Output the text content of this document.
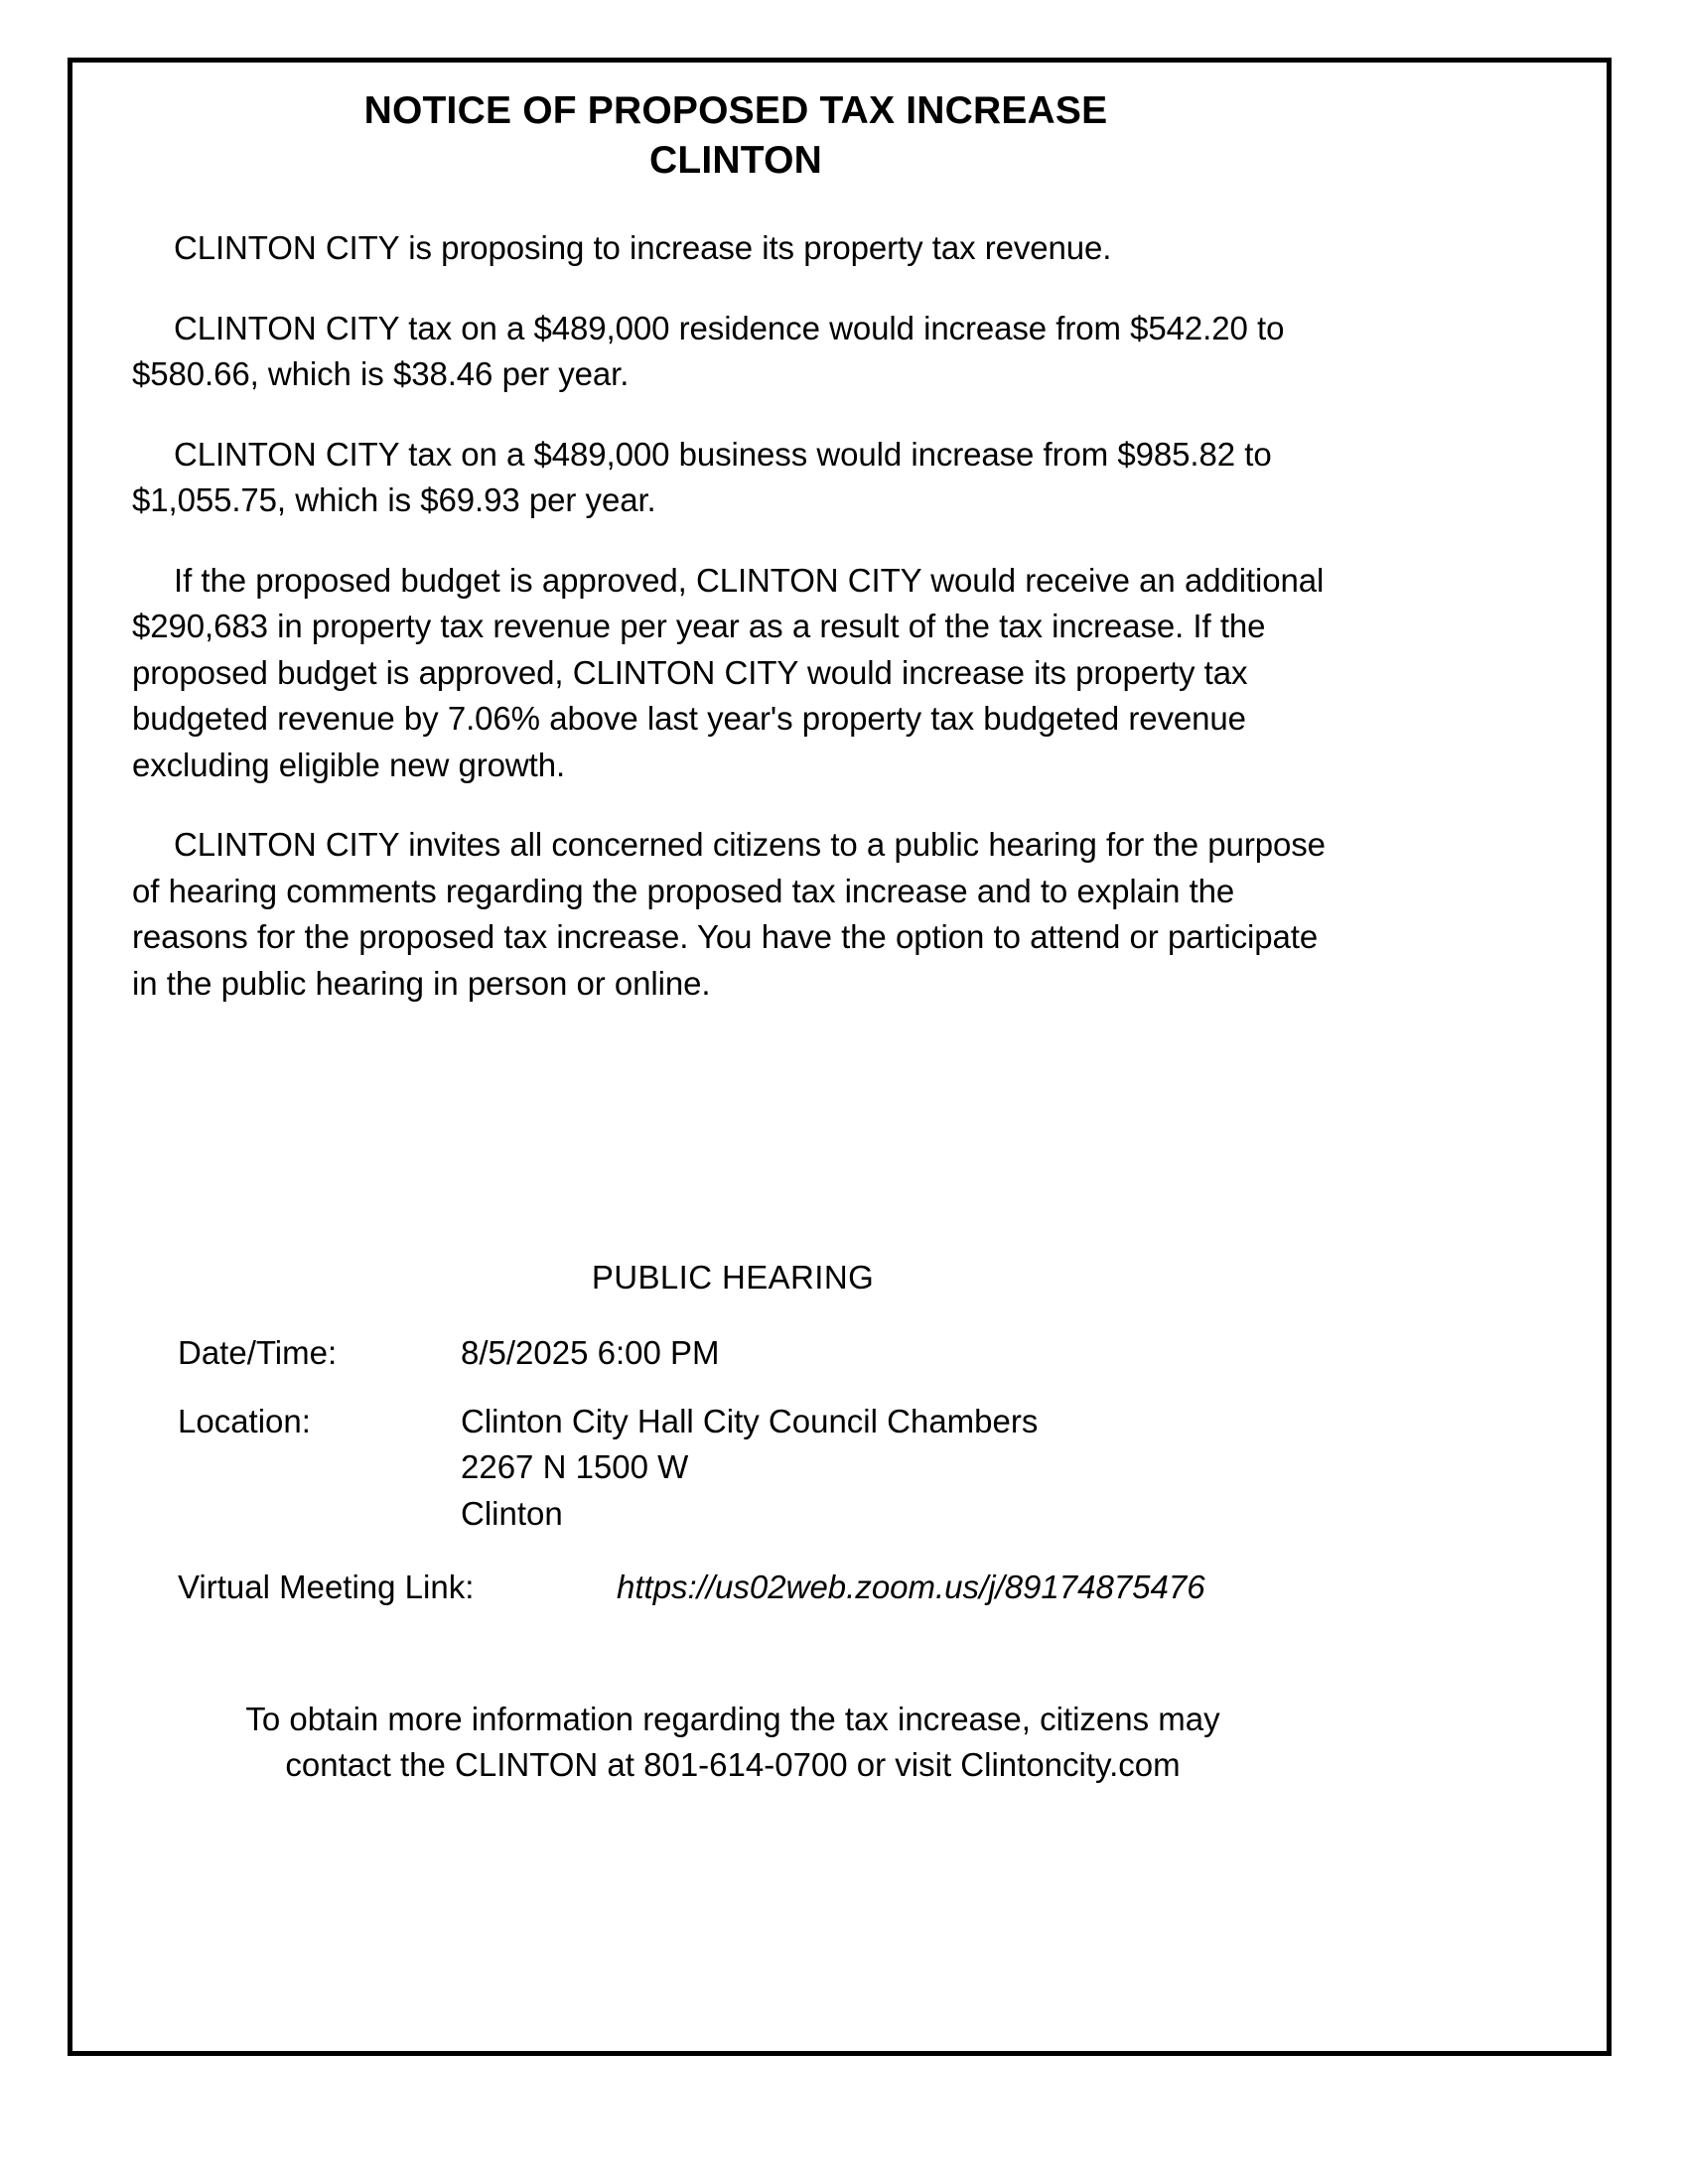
NOTICE OF PROPOSED TAX INCREASE
CLINTON

CLINTON CITY is proposing to increase its property tax revenue.

CLINTON CITY tax on a $489,000 residence would increase from $542.20 to $580.66, which is $38.46 per year.

CLINTON CITY tax on a $489,000 business would increase from $985.82 to $1,055.75, which is $69.93 per year.

If the proposed budget is approved, CLINTON CITY would receive an additional $290,683 in property tax revenue per year as a result of the tax increase. If the proposed budget is approved, CLINTON CITY would increase its property tax budgeted revenue by 7.06% above last year's property tax budgeted revenue excluding eligible new growth.

CLINTON CITY invites all concerned citizens to a public hearing for the purpose of hearing comments regarding the proposed tax increase and to explain the reasons for the proposed tax increase. You have the option to attend or participate in the public hearing in person or online.

PUBLIC HEARING
Date/Time:	8/5/2025 6:00 PM
Location:	Clinton City Hall City Council Chambers
2267 N 1500 W
Clinton
Virtual Meeting Link:	https://us02web.zoom.us/j/89174875476
To obtain more information regarding the tax increase, citizens may
contact the CLINTON at 801-614-0700 or visit Clintoncity.com
